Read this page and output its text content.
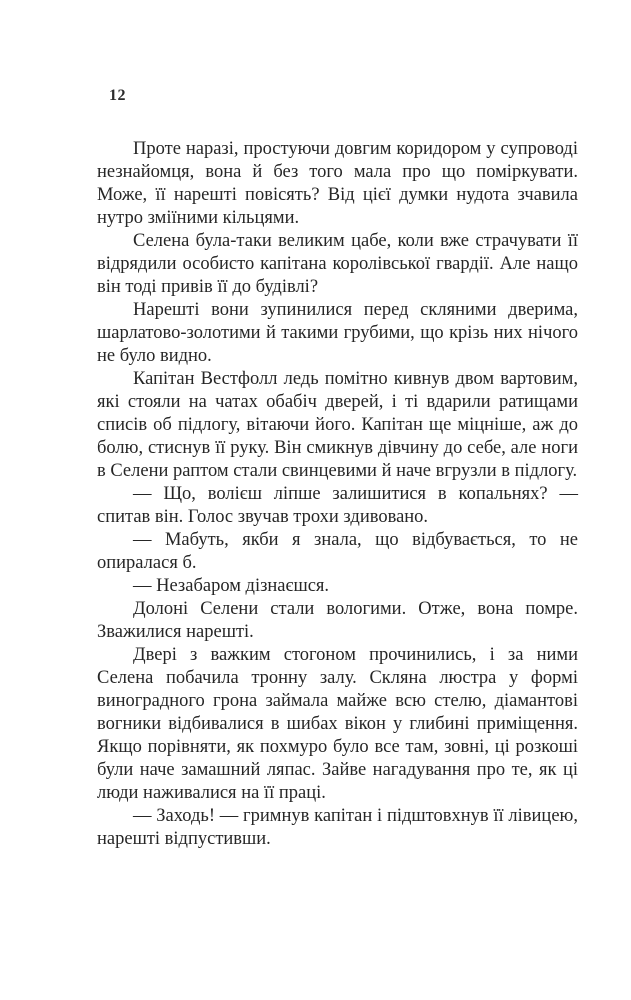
12

Проте наразі, простуючи довгим коридором у супроводі незнайомця, вона й без того мала про що поміркувати. Може, її нарешті повісять? Від цієї думки нудота зчавила нутро зміїними кільцями.

Селена була-таки великим цабе, коли вже страчувати її відрядили особисто капітана королівської гвардії. Але нащо він тоді привів її до будівлі?

Нарешті вони зупинилися перед скляними дверима, шарлатово-золотими й такими грубими, що крізь них нічого не було видно.

Капітан Вестфолл ледь помітно кивнув двом вартовим, які стояли на чатах обабіч дверей, і ті вдарили ратищами списів об підлогу, вітаючи його. Капітан ще міцніше, аж до болю, стиснув її руку. Він смикнув дівчину до себе, але ноги в Селени раптом стали свинцевими й наче вгрузли в підлогу.

— Що, волієш ліпше залишитися в копальнях? — спитав він. Голос звучав трохи здивовано.

— Мабуть, якби я знала, що відбувається, то не опиралася б.

— Незабаром дізнаєшся.

Долоні Селени стали вологими. Отже, вона помре. Зважилися нарешті.

Двері з важким стогоном прочинились, і за ними Селена побачила тронну залу. Скляна люстра у формі виноградного грона займала майже всю стелю, діамантові вогники відбивалися в шибах вікон у глибині приміщення. Якщо порівняти, як похмуро було все там, зовні, ці розкоші були наче замашний ляпас. Зайве нагадування про те, як ці люди наживалися на її праці.

— Заходь! — гримнув капітан і підштовхнув її лівицею, нарешті відпустивши.
